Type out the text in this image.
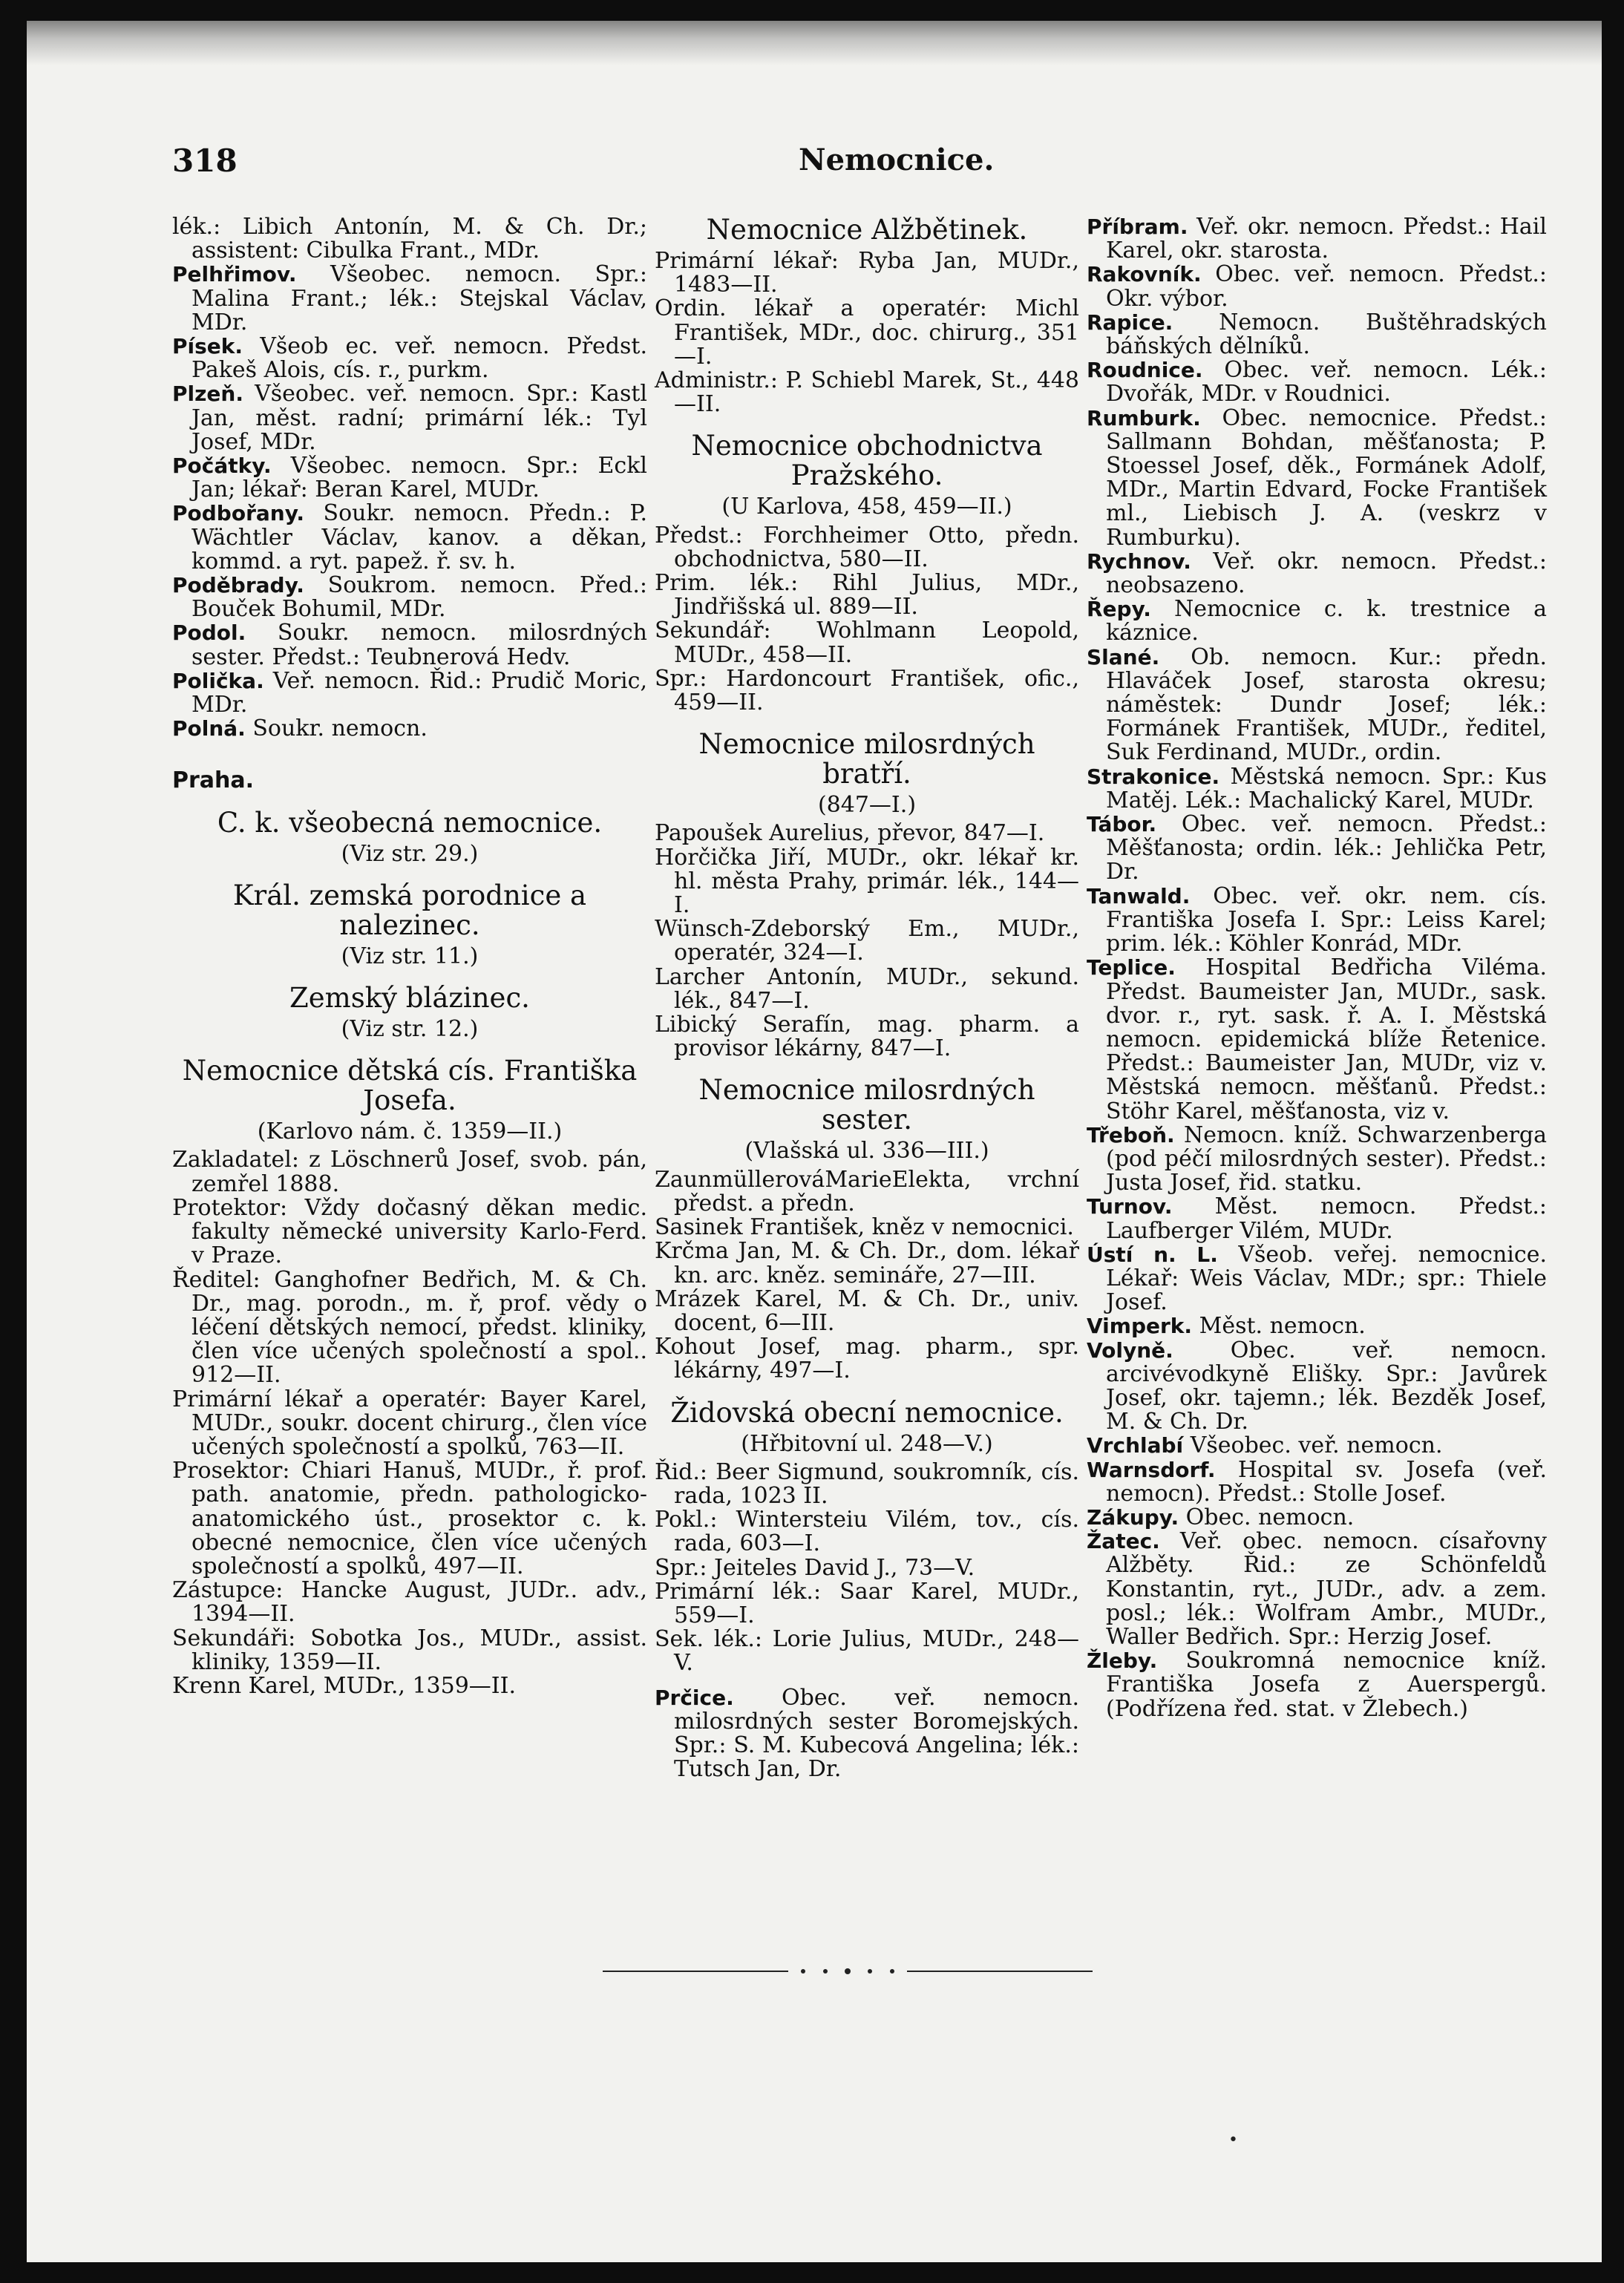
318	Nemocnice.

lék.: Libich Antonín, M. & Ch. Dr.; assistent: Cibulka Frant., MDr.

Pelhřimov. Všeobec. nemocn. Spr.: Malina Frant.; lék.: Stejskal Václav, MDr.

Písek. Všeob ec. veř. nemocn. Předst. Pakeš Alois, cís. r., purkm.

Plzeň. Všeobec. veř. nemocn. Spr.: Kastl Jan, měst. radní; primární lék.: Tyl Josef, MDr.

Počátky. Všeobec. nemocn. Spr.: Eckl Jan; lékař: Beran Karel, MUDr.

Podbořany. Soukr. nemocn. Předn.: P. Wächtler Václav, kanov. a děkan, kommd. a ryt. papež. ř. sv. h.

Poděbrady. Soukrom. nemocn. Před.: Bouček Bohumil, MDr.

Podol. Soukr. nemocn. milosrdných sester. Předst.: Teubnerová Hedv.

Polička. Veř. nemocn. Řid.: Prudič Moric, MDr.

Polná. Soukr. nemocn.

Praha.
C. k. všeobecná nemocnice.
(Viz str. 29.)
Král. zemská porodnice a nalezinec.
(Viz str. 11.)
Zemský blázinec.
(Viz str. 12.)
Nemocnice dětská cís. Františka Josefa.
(Karlovo nám. č. 1359—II.)

Zakladatel: z Löschnerů Josef, svob. pán, zemřel 1888.

Protektor: Vždy dočasný děkan medic. fakulty německé university Karlo-Ferd. v Praze.

Ředitel: Ganghofner Bedřich, M. & Ch. Dr., mag. porodn., m. ř, prof. vědy o léčení dětských nemocí, předst. kliniky, člen více učených společností a spol.. 912—II.

Primární lékař a operatér: Bayer Karel, MUDr., soukr. docent chirurg., člen více učených společností a spolků, 763—II.

Prosektor: Chiari Hanuš, MUDr., ř. prof. path. anatomie, předn. pathologicko-anatomického úst., prosektor c. k. obecné nemocnice, člen více učených společností a spolků, 497—II.

Zástupce: Hancke August, JUDr.. adv., 1394—II.

Sekundáři: Sobotka Jos., MUDr., assist. kliniky, 1359—II.

Krenn Karel, MUDr., 1359—II.

Nemocnice Alžbětinek.

Primární lékař: Ryba Jan, MUDr., 1483—II.

Ordin. lékař a operatér: Michl František, MDr., doc. chirurg., 351—I.

Administr.: P. Schiebl Marek, St., 448—II.

Nemocnice obchodnictva Pražského.
(U Karlova, 458, 459—II.)

Předst.: Forchheimer Otto, předn. obchodnictva, 580—II.

Prim. lék.: Rihl Julius, MDr., Jindřišská ul. 889—II.

Sekundář: Wohlmann Leopold, MUDr., 458—II.

Spr.: Hardoncourt František, ofic., 459—II.

Nemocnice milosrdných bratří.
(847—I.)

Papoušek Aurelius, převor, 847—I.

Horčička Jiří, MUDr., okr. lékař kr. hl. města Prahy, primár. lék., 144—I.

Wünsch-Zdeborský Em., MUDr., operatér, 324—I.

Larcher Antonín, MUDr., sekund. lék., 847—I.

Libický Serafín, mag. pharm. a provisor lékárny, 847—I.

Nemocnice milosrdných sester.
(Vlašská ul. 336—III.)

ZaunmüllerováMarieElekta, vrchní předst. a předn.

Sasinek František, kněz v nemocnici.

Krčma Jan, M. & Ch. Dr., dom. lékař kn. arc. kněz. semináře, 27—III.

Mrázek Karel, M. & Ch. Dr., univ. docent, 6—III.

Kohout Josef, mag. pharm., spr. lékárny, 497—I.

Židovská obecní nemocnice.
(Hřbitovní ul. 248—V.)

Řid.: Beer Sigmund, soukromník, cís. rada, 1023 II.

Pokl.: Wintersteiu Vilém, tov., cís. rada, 603—I.

Spr.: Jeiteles David J., 73—V.

Primární lék.: Saar Karel, MUDr., 559—I.

Sek. lék.: Lorie Julius, MUDr., 248—V.

Prčice. Obec. veř. nemocn. milosrdných sester Boromejských. Spr.: S. M. Kubecová Angelina; lék.: Tutsch Jan, Dr.

Příbram. Veř. okr. nemocn. Předst.: Hail Karel, okr. starosta.

Rakovník. Obec. veř. nemocn. Předst.: Okr. výbor.

Rapice. Nemocn. Buštěhradských báňských dělníků.

Roudnice. Obec. veř. nemocn. Lék.: Dvořák, MDr. v Roudnici.

Rumburk. Obec. nemocnice. Předst.: Sallmann Bohdan, měšťanosta; P. Stoessel Josef, děk., Formánek Adolf, MDr., Martin Edvard, Focke František ml., Liebisch J. A. (veskrz v Rumburku).

Rychnov. Veř. okr. nemocn. Předst.: neobsazeno.

Řepy. Nemocnice c. k. trestnice a káznice.

Slané. Ob. nemocn. Kur.: předn. Hlaváček Josef, starosta okresu; náměstek: Dundr Josef; lék.: Formánek František, MUDr., ředitel, Suk Ferdinand, MUDr., ordin.

Strakonice. Městská nemocn. Spr.: Kus Matěj. Lék.: Machalický Karel, MUDr.

Tábor. Obec. veř. nemocn. Předst.: Měšťanosta; ordin. lék.: Jehlička Petr, Dr.

Tanwald. Obec. veř. okr. nem. cís. Františka Josefa I. Spr.: Leiss Karel; prim. lék.: Köhler Konrád, MDr.

Teplice. Hospital Bedřicha Viléma. Předst. Baumeister Jan, MUDr., sask. dvor. r., ryt. sask. ř. A. I. Městská nemocn. epidemická blíže Řetenice. Předst.: Baumeister Jan, MUDr, viz v. Městská nemocn. měšťanů. Předst.: Stöhr Karel, měšťanosta, viz v.

Třeboň. Nemocn. kníž. Schwarzenberga (pod péčí milosrdných sester). Předst.: Justa Josef, řid. statku.

Turnov. Měst. nemocn. Předst.: Laufberger Vilém, MUDr.

Ústí n. L. Všeob. veřej. nemocnice. Lékař: Weis Václav, MDr.; spr.: Thiele Josef.

Vimperk. Měst. nemocn.

Volyně.	Obec. veř. nemocn. arcivévodkyně Elišky. Spr.: Javůrek Josef, okr. tajemn.; lék. Bezděk Josef, M. & Ch. Dr.

Vrchlabí Všeobec. veř. nemocn.

Warnsdorf. Hospital sv. Josefa (veř. nemocn). Předst.: Stolle Josef.

Zákupy. Obec. nemocn.

Žatec. Veř. obec. nemocn. císařovny Alžběty. Řid.: ze Schönfeldů Konstantin, ryt., JUDr., adv. a zem. posl.; lék.: Wolfram Ambr., MUDr., Waller Bedřich. Spr.: Herzig Josef.

Žleby. Soukromná nemocnice kníž. Františka Josefa z Auerspergů. (Podřízena řed. stat. v Žlebech.)

•
